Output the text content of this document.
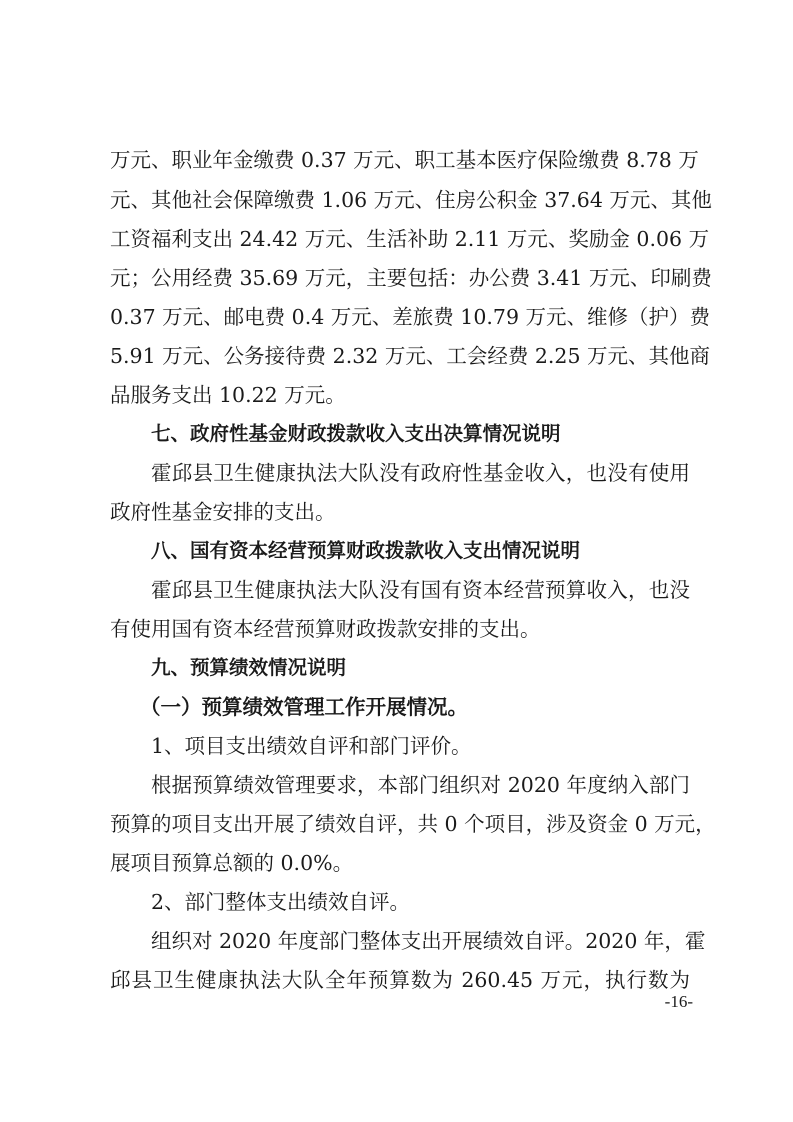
万元、职业年金缴费 0.37 万元、职工基本医疗保险缴费 8.78 万
元、其他社会保障缴费 1.06 万元、住房公积金 37.64 万元、其他
工资福利支出 24.42 万元、生活补助 2.11 万元、奖励金 0.06 万
元；公用经费 35.69 万元，主要包括：办公费 3.41 万元、印刷费
0.37 万元、邮电费 0.4 万元、差旅费 10.79 万元、维修（护）费
5.91 万元、公务接待费 2.32 万元、工会经费 2.25 万元、其他商
品服务支出 10.22 万元。
七、政府性基金财政拨款收入支出决算情况说明
霍邱县卫生健康执法大队没有政府性基金收入，也没有使用
政府性基金安排的支出。
八、国有资本经营预算财政拨款收入支出情况说明
霍邱县卫生健康执法大队没有国有资本经营预算收入，也没
有使用国有资本经营预算财政拨款安排的支出。
九、预算绩效情况说明
（一）预算绩效管理工作开展情况。
1、项目支出绩效自评和部门评价。
根据预算绩效管理要求，本部门组织对 2020 年度纳入部门
预算的项目支出开展了绩效自评，共 0 个项目，涉及资金 0 万元，
展项目预算总额的 0.0%。
2、部门整体支出绩效自评。
组织对 2020 年度部门整体支出开展绩效自评。2020 年，霍
邱县卫生健康执法大队全年预算数为 260.45 万元，执行数为
-16-
